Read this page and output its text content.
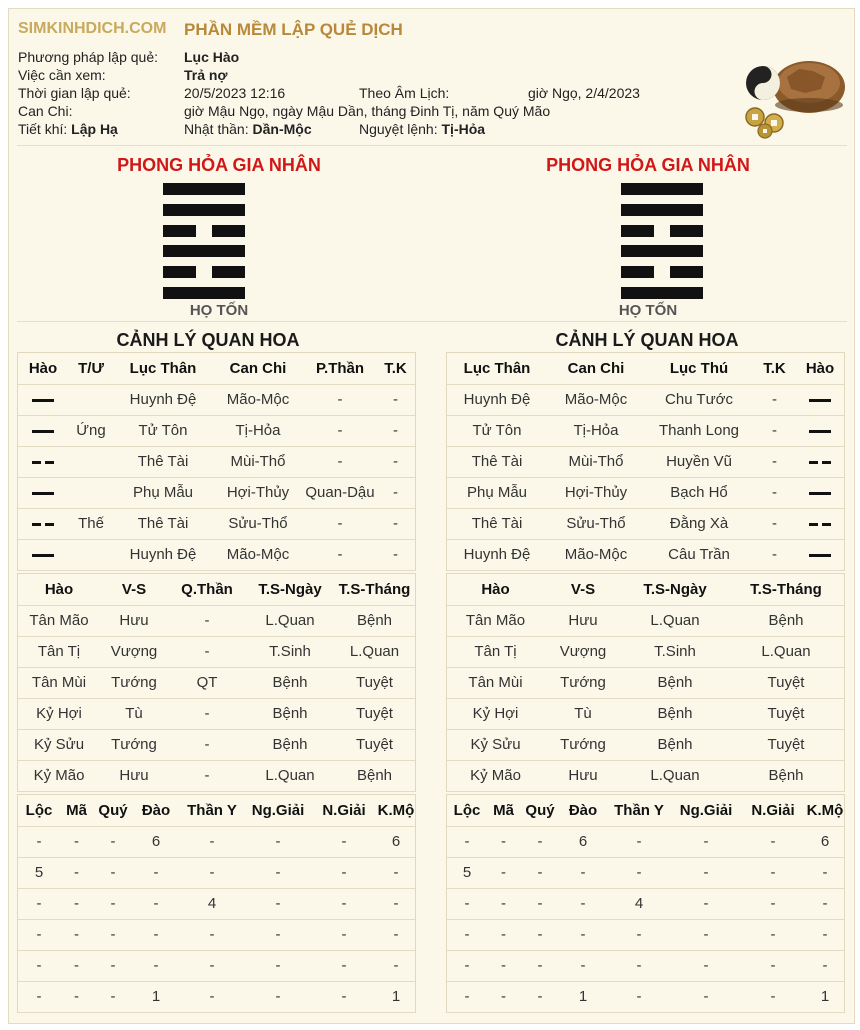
SIMKINHDICH.COM PHẦN MỀM LẬP QUẺ DỊCH
Phương pháp lập quẻ: Lục Hào
Việc cần xem:	Trả nợ
Thời gian lập quẻ:	20/5/2023 12:16	Theo Âm Lịch:	giờ Ngọ, 2/4/2023
Can Chi:	giờ Mậu Ngọ, ngày Mậu Dần, tháng Đinh Tị, năm Quý Mão
Tiết khí: Lập Hạ	Nhật thần: Dần-Mộc	Nguyệt lệnh: Tị-Hỏa
PHONG HỎA GIA NHÂN
HỌ TỐN
PHONG HỎA GIA NHÂN
HỌ TỐN
CẢNH LÝ QUAN HOA	CẢNH LÝ QUAN HOA
Hào	T/Ư	Lục Thân	Can Chi	P.Thần	T.K
		Huynh Đệ	Mão-Mộc	-	-
	Ứng	Tử Tôn	Tị-Hỏa	-	-
		Thê Tài	Mùi-Thổ	-	-
		Phụ Mẫu	Hợi-Thủy	Quan-Dậu	-
	Thế	Thê Tài	Sửu-Thổ	-	-
		Huynh Đệ	Mão-Mộc	-	-
Hào	V-S	Q.Thần	T.S-Ngày	T.S-Tháng
Tân Mão	Hưu	-	L.Quan	Bệnh
Tân Tị	Vượng	-	T.Sinh	L.Quan
Tân Mùi	Tướng	QT	Bệnh	Tuyệt
Kỷ Hợi	Tù	-	Bệnh	Tuyệt
Kỷ Sửu	Tướng	-	Bệnh	Tuyệt
Kỷ Mão	Hưu	-	L.Quan	Bệnh
Lộc	Mã	Quý	Đào	Thần Y	Ng.Giải	N.Giải	K.Mộ
-	-	-	6	-	-	-	6
5	-	-	-	-	-	-	-
-	-	-	-	4	-	-	-
-	-	-	-	-	-	-	-
-	-	-	-	-	-	-	-
-	-	-	1	-	-	-	1
Lục Thân	Can Chi	Lục Thú	T.K	Hào
Huynh Đệ	Mão-Mộc	Chu Tước	-	
Tử Tôn	Tị-Hỏa	Thanh Long	-	
Thê Tài	Mùi-Thổ	Huyền Vũ	-	
Phụ Mẫu	Hợi-Thủy	Bạch Hổ	-	
Thê Tài	Sửu-Thổ	Đằng Xà	-	
Huynh Đệ	Mão-Mộc	Câu Trần	-	
Hào	V-S	T.S-Ngày	T.S-Tháng
Tân Mão	Hưu	L.Quan	Bệnh
Tân Tị	Vượng	T.Sinh	L.Quan
Tân Mùi	Tướng	Bệnh	Tuyệt
Kỷ Hợi	Tù	Bệnh	Tuyệt
Kỷ Sửu	Tướng	Bệnh	Tuyệt
Kỷ Mão	Hưu	L.Quan	Bệnh
Lộc	Mã	Quý	Đào	Thần Y	Ng.Giải	N.Giải	K.Mộ
-	-	-	6	-	-	-	6
5	-	-	-	-	-	-	-
-	-	-	-	4	-	-	-
-	-	-	-	-	-	-	-
-	-	-	-	-	-	-	-
-	-	-	1	-	-	-	1
